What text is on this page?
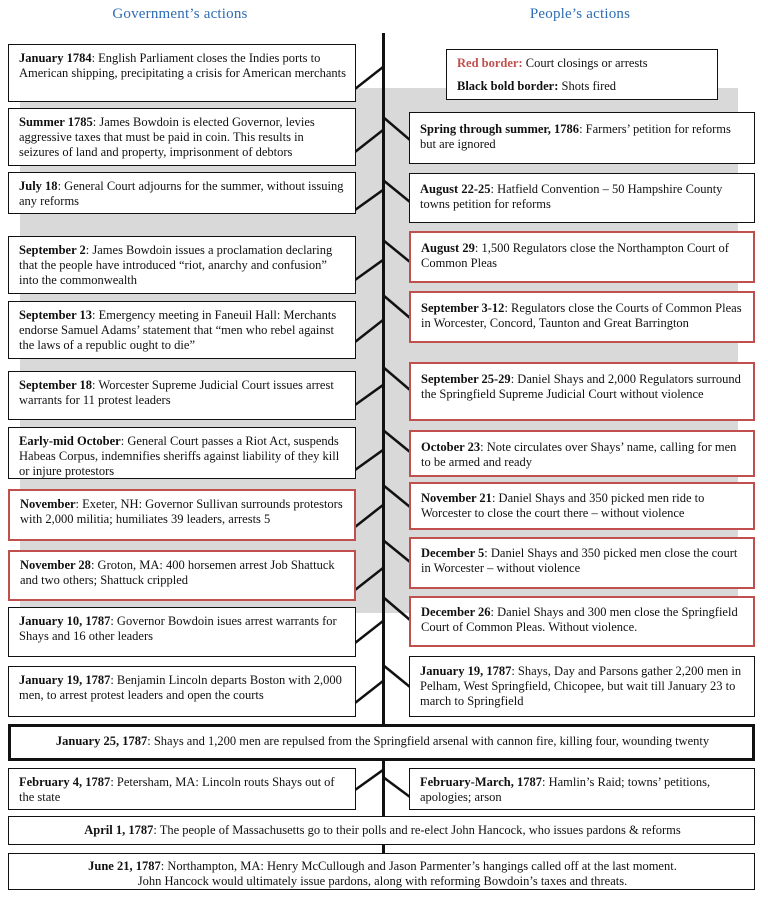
Government’s actions	People’s actions
Red border: Court closings or arrests
Black bold border: Shots fired
January 1784: English Parliament closes the Indies ports to American shipping, precipitating a crisis for American merchants
Summer 1785: James Bowdoin is elected Governor, levies aggressive taxes that must be paid in coin. This results in seizures of land and property, imprisonment of debtors
July 18: General Court adjourns for the summer, without issuing any reforms
September 2: James Bowdoin issues a proclamation declaring that the people have introduced “riot, anarchy and confusion” into the commonwealth
September 13: Emergency meeting in Faneuil Hall: Merchants endorse Samuel Adams’ statement that “men who rebel against the laws of a republic ought to die”
September 18: Worcester Supreme Judicial Court issues arrest warrants for 11 protest leaders
Early-mid October: General Court passes a Riot Act, suspends Habeas Corpus, indemnifies sheriffs against liability of they kill or injure protestors
November: Exeter, NH: Governor Sullivan surrounds protestors with 2,000 militia; humiliates 39 leaders, arrests 5
November 28: Groton, MA: 400 horsemen arrest Job Shattuck and two others; Shattuck crippled
January 10, 1787: Governor Bowdoin isues arrest warrants for Shays and 16 other leaders
January 19, 1787: Benjamin Lincoln departs Boston with 2,000 men, to arrest protest leaders and open the courts
February 4, 1787: Petersham, MA: Lincoln routs Shays out of the state
Spring through summer, 1786: Farmers’ petition for reforms but are ignored
August 22-25: Hatfield Convention – 50 Hampshire County towns petition for reforms
August 29: 1,500 Regulators close the Northampton Court of Common Pleas
September 3-12: Regulators close the Courts of Common Pleas in Worcester, Concord, Taunton and Great Barrington
September 25-29: Daniel Shays and 2,000 Regulators surround the Springfield Supreme Judicial Court without violence
October 23: Note circulates over Shays’ name, calling for men to be armed and ready
November 21: Daniel Shays and 350 picked men ride to Worcester to close the court there – without violence
December 5: Daniel Shays and 350 picked men close the court in Worcester – without violence
December 26: Daniel Shays and 300 men close the Springfield Court of Common Pleas. Without violence.
January 19, 1787: Shays, Day and Parsons gather 2,200 men in Pelham, West Springfield, Chicopee, but wait till January 23 to march to Springfield
February-March, 1787: Hamlin’s Raid; towns’ petitions, apologies; arson
January 25, 1787: Shays and 1,200 men are repulsed from the Springfield arsenal with cannon fire, killing four, wounding twenty
April 1, 1787: The people of Massachusetts go to their polls and re-elect John Hancock, who issues pardons & reforms
June 21, 1787: Northampton, MA: Henry McCullough and Jason Parmenter’s hangings called off at the last moment.
John Hancock would ultimately issue pardons, along with reforming Bowdoin’s taxes and threats.
